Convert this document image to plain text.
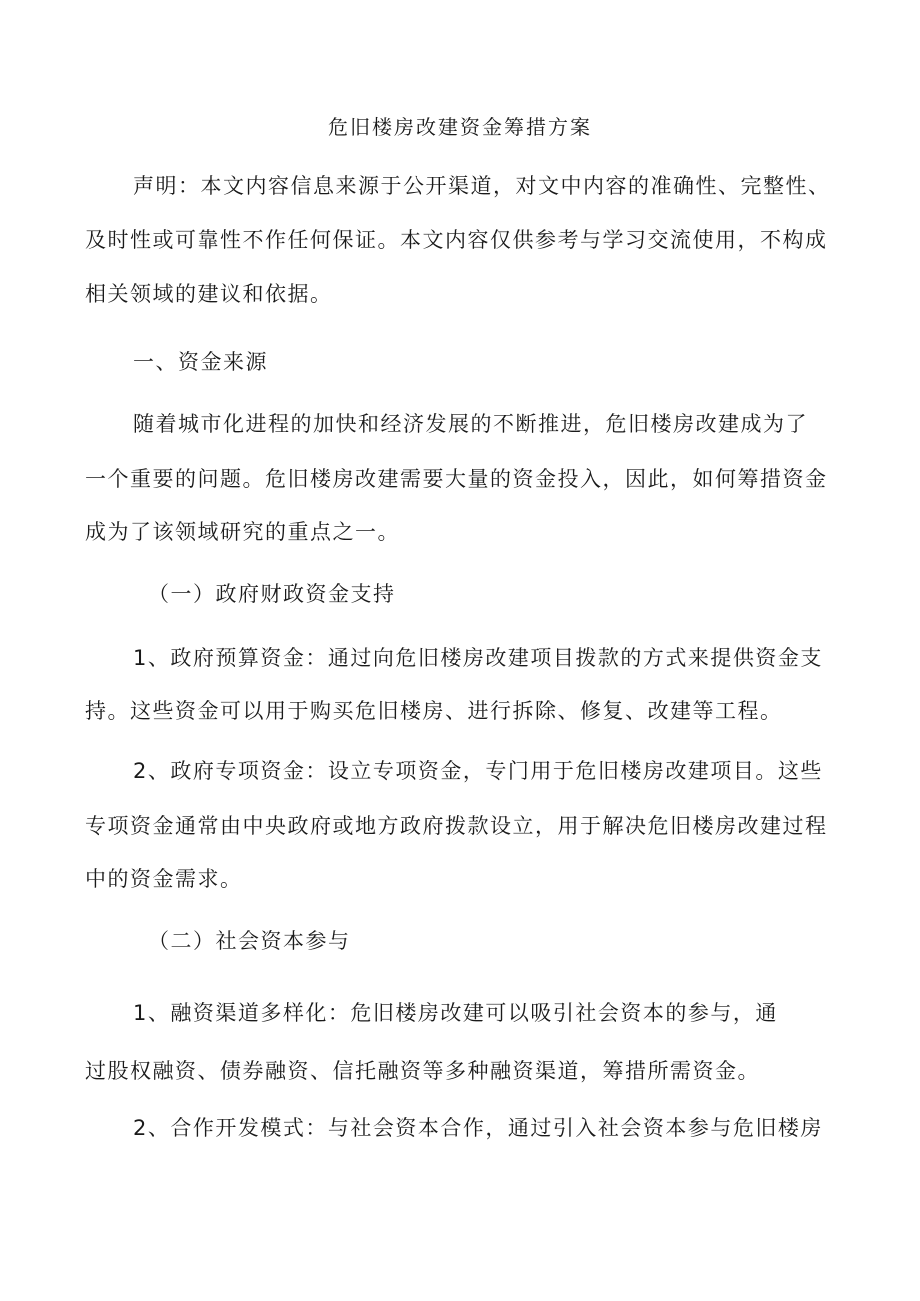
危旧楼房改建资金筹措方案
声明：本文内容信息来源于公开渠道，对文中内容的准确性、完整性、
及时性或可靠性不作任何保证。本文内容仅供参考与学习交流使用，不构成
相关领域的建议和依据。
一、资金来源
随着城市化进程的加快和经济发展的不断推进，危旧楼房改建成为了
一个重要的问题。危旧楼房改建需要大量的资金投入，因此，如何筹措资金
成为了该领域研究的重点之一。
（一）政府财政资金支持
1、政府预算资金：通过向危旧楼房改建项目拨款的方式来提供资金支
持。这些资金可以用于购买危旧楼房、进行拆除、修复、改建等工程。
2、政府专项资金：设立专项资金，专门用于危旧楼房改建项目。这些
专项资金通常由中央政府或地方政府拨款设立，用于解决危旧楼房改建过程
中的资金需求。
（二）社会资本参与
1、融资渠道多样化：危旧楼房改建可以吸引社会资本的参与，通
过股权融资、债券融资、信托融资等多种融资渠道，筹措所需资金。
2、合作开发模式：与社会资本合作，通过引入社会资本参与危旧楼房
